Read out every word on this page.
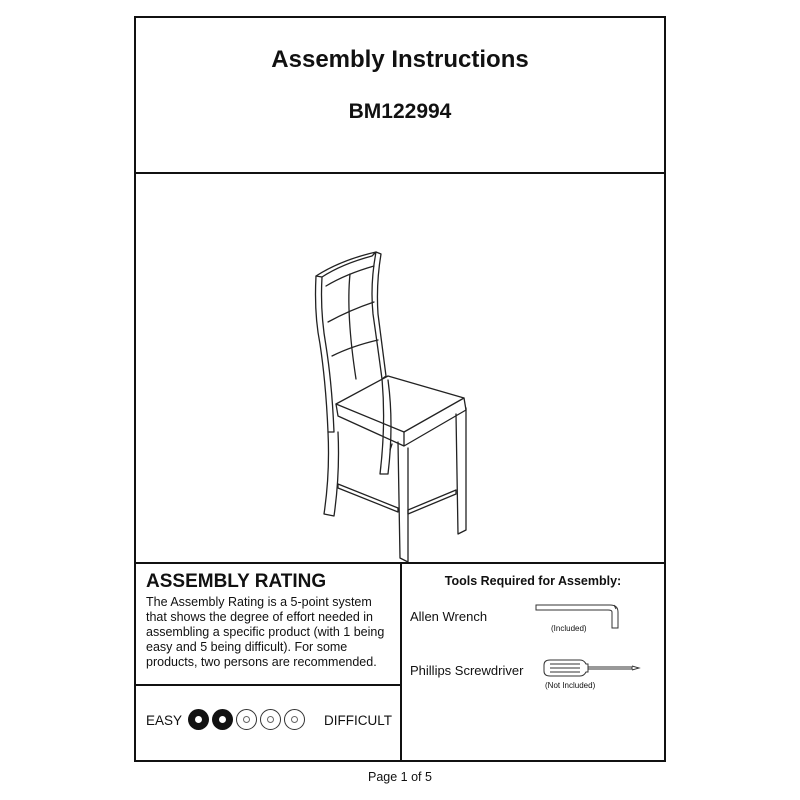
Assembly Instructions
BM122994
ASSEMBLY RATING
The Assembly Rating is a 5-point system that shows the degree of effort needed in assembling a specific product (with 1 being easy and 5 being difficult). For some products, two persons are recommended.
EASY	DIFFICULT
Tools Required for Assembly:
Allen Wrench
(Included)
Phillips Screwdriver
(Not Included)
Page 1 of 5
